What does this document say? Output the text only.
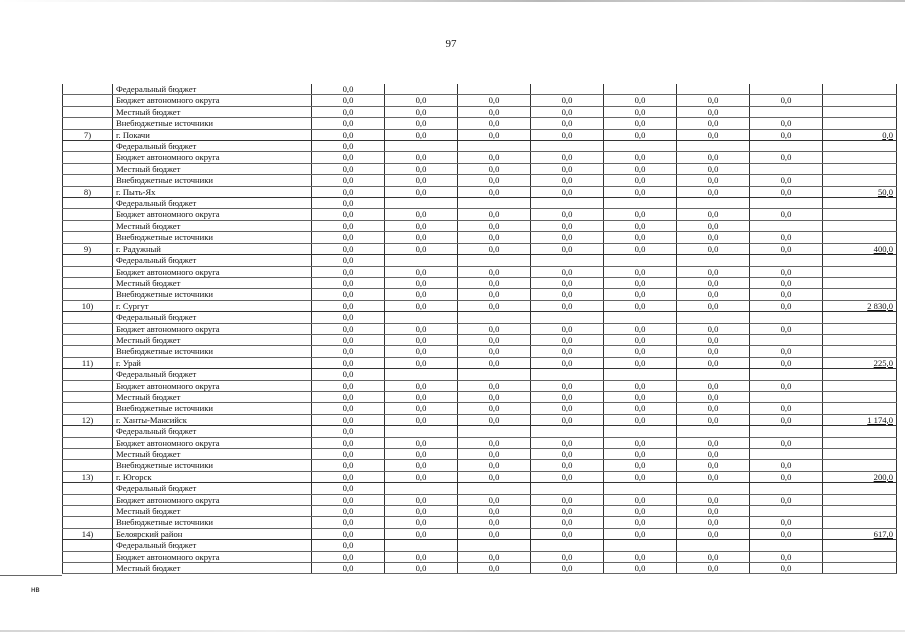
97
	Федеральный бюджет	0,0							
	Бюджет автономного округа	0,0	0,0	0,0	0,0	0,0	0,0	0,0	
	Местный бюджет	0,0	0,0	0,0	0,0	0,0	0,0		
	Внебюджетные источники	0,0	0,0	0,0	0,0	0,0	0,0	0,0	
7)	г. Покачи	0,0	0,0	0,0	0,0	0,0	0,0	0,0	0,0
	Федеральный бюджет	0,0							
	Бюджет автономного округа	0,0	0,0	0,0	0,0	0,0	0,0	0,0	
	Местный бюджет	0,0	0,0	0,0	0,0	0,0	0,0		
	Внебюджетные источники	0,0	0,0	0,0	0,0	0,0	0,0	0,0	
8)	г. Пыть-Ях	0,0	0,0	0,0	0,0	0,0	0,0	0,0	50,0
	Федеральный бюджет	0,0							
	Бюджет автономного округа	0,0	0,0	0,0	0,0	0,0	0,0	0,0	
	Местный бюджет	0,0	0,0	0,0	0,0	0,0	0,0		
	Внебюджетные источники	0,0	0,0	0,0	0,0	0,0	0,0	0,0	
9)	г. Радужный	0,0	0,0	0,0	0,0	0,0	0,0	0,0	400,0
	Федеральный бюджет	0,0							
	Бюджет автономного округа	0,0	0,0	0,0	0,0	0,0	0,0	0,0	
	Местный бюджет	0,0	0,0	0,0	0,0	0,0	0,0	0,0	
	Внебюджетные источники	0,0	0,0	0,0	0,0	0,0	0,0	0,0	
10)	г. Сургут	0,0	0,0	0,0	0,0	0,0	0,0	0,0	2 830,0
	Федеральный бюджет	0,0							
	Бюджет автономного округа	0,0	0,0	0,0	0,0	0,0	0,0	0,0	
	Местный бюджет	0,0	0,0	0,0	0,0	0,0	0,0		
	Внебюджетные источники	0,0	0,0	0,0	0,0	0,0	0,0	0,0	
11)	г. Урай	0,0	0,0	0,0	0,0	0,0	0,0	0,0	225,0
	Федеральный бюджет	0,0							
	Бюджет автономного округа	0,0	0,0	0,0	0,0	0,0	0,0	0,0	
	Местный бюджет	0,0	0,0	0,0	0,0	0,0	0,0		
	Внебюджетные источники	0,0	0,0	0,0	0,0	0,0	0,0	0,0	
12)	г. Ханты-Мансийск	0,0	0,0	0,0	0,0	0,0	0,0	0,0	1 174,0
	Федеральный бюджет	0,0							
	Бюджет автономного округа	0,0	0,0	0,0	0,0	0,0	0,0	0,0	
	Местный бюджет	0,0	0,0	0,0	0,0	0,0	0,0		
	Внебюджетные источники	0,0	0,0	0,0	0,0	0,0	0,0	0,0	
13)	г. Югорск	0,0	0,0	0,0	0,0	0,0	0,0	0,0	200,0
	Федеральный бюджет	0,0							
	Бюджет автономного округа	0,0	0,0	0,0	0,0	0,0	0,0	0,0	
	Местный бюджет	0,0	0,0	0,0	0,0	0,0	0,0		
	Внебюджетные источники	0,0	0,0	0,0	0,0	0,0	0,0	0,0	
14)	Белоярский район	0,0	0,0	0,0	0,0	0,0	0,0	0,0	617,0
	Федеральный бюджет	0,0							
	Бюджет автономного округа	0,0	0,0	0,0	0,0	0,0	0,0	0,0	
	Местный бюджет	0,0	0,0	0,0	0,0	0,0	0,0	0,0	
нв
